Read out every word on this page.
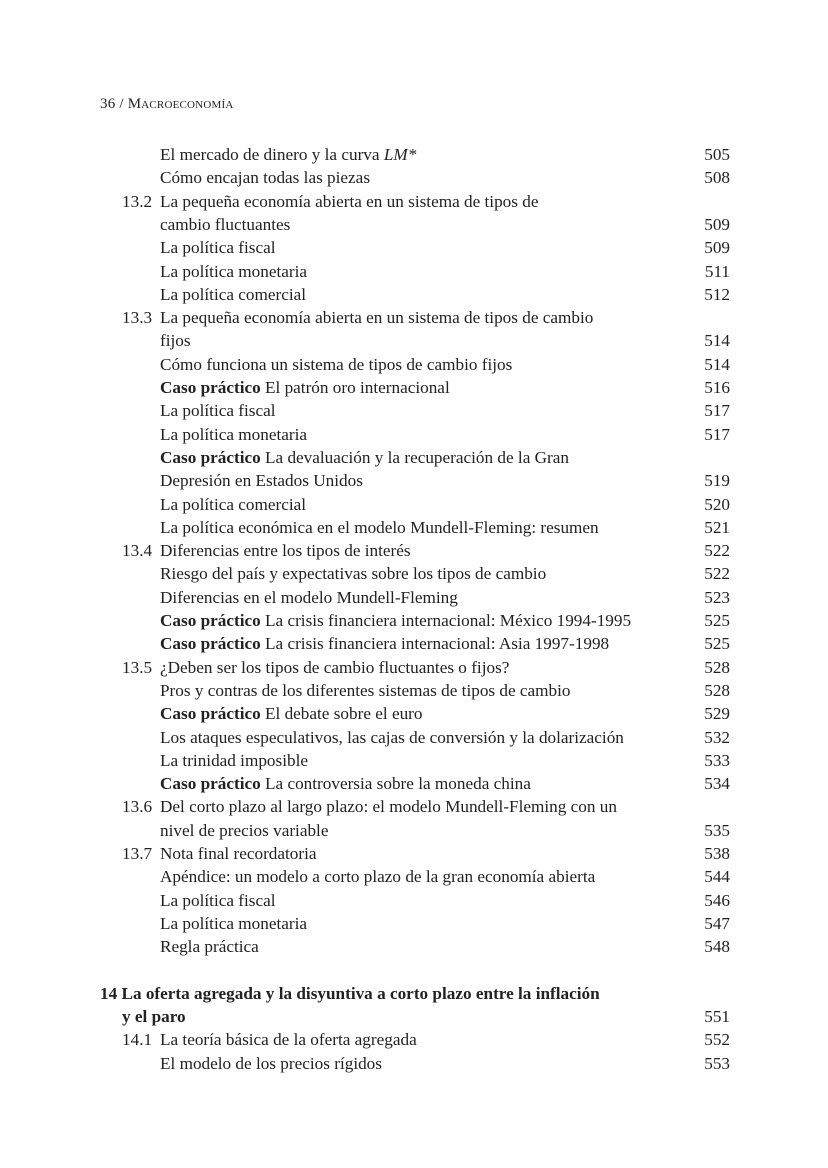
36 / Macroeconomía
El mercado de dinero y la curva LM*	505
Cómo encajan todas las piezas	508
13.2 La pequeña economía abierta en un sistema de tipos de
cambio fluctuantes	509
La política fiscal	509
La política monetaria	511
La política comercial	512
13.3 La pequeña economía abierta en un sistema de tipos de cambio
fijos	514
Cómo funciona un sistema de tipos de cambio fijos	514
Caso práctico El patrón oro internacional	516
La política fiscal	517
La política monetaria	517
Caso práctico La devaluación y la recuperación de la Gran
Depresión en Estados Unidos	519
La política comercial	520
La política económica en el modelo Mundell-Fleming: resumen	521
13.4 Diferencias entre los tipos de interés	522
Riesgo del país y expectativas sobre los tipos de cambio	522
Diferencias en el modelo Mundell-Fleming	523
Caso práctico La crisis financiera internacional: México 1994-1995	525
Caso práctico La crisis financiera internacional: Asia 1997-1998	525
13.5 ¿Deben ser los tipos de cambio fluctuantes o fijos?	528
Pros y contras de los diferentes sistemas de tipos de cambio	528
Caso práctico El debate sobre el euro	529
Los ataques especulativos, las cajas de conversión y la dolarización	532
La trinidad imposible	533
Caso práctico La controversia sobre la moneda china	534
13.6 Del corto plazo al largo plazo: el modelo Mundell-Fleming con un
nivel de precios variable	535
13.7 Nota final recordatoria	538
Apéndice: un modelo a corto plazo de la gran economía abierta	544
La política fiscal	546
La política monetaria	547
Regla práctica	548
14 La oferta agregada y la disyuntiva a corto plazo entre la inflación
y el paro	551
14.1 La teoría básica de la oferta agregada	552
El modelo de los precios rígidos	553
